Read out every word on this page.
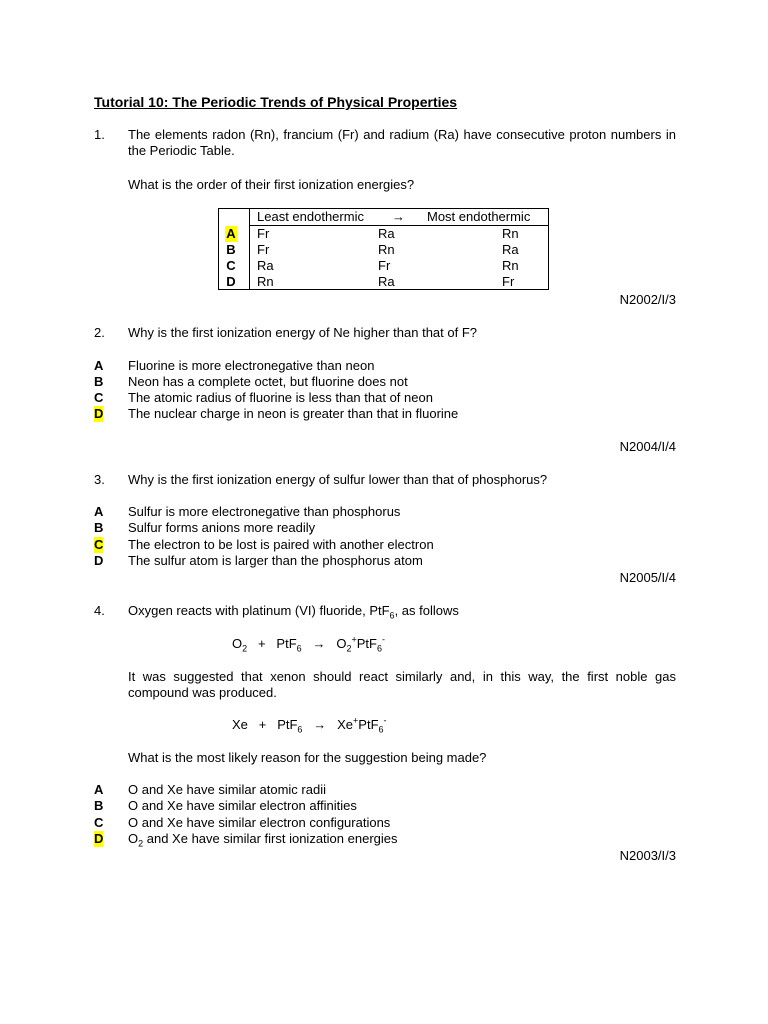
Tutorial 10: The Periodic Trends of Physical Properties
1. The elements radon (Rn), francium (Fr) and radium (Ra) have consecutive proton numbers in the Periodic Table.
What is the order of their first ionization energies?
Least endothermic → Most endothermic
A Fr	Ra	Rn
B Fr	Rn	Ra
C Ra	Fr	Rn
D Rn	Ra	Fr
N2002/I/3
2. Why is the first ionization energy of Ne higher than that of F?
A Fluorine is more electronegative than neon
B Neon has a complete octet, but fluorine does not
C The atomic radius of fluorine is less than that of neon
D The nuclear charge in neon is greater than that in fluorine
N2004/I/4
3. Why is the first ionization energy of sulfur lower than that of phosphorus?
A Sulfur is more electronegative than phosphorus
B Sulfur forms anions more readily
C The electron to be lost is paired with another electron
D The sulfur atom is larger than the phosphorus atom
N2005/I/4
4. Oxygen reacts with platinum (VI) fluoride, PtF$_6$, as follows
$O_2 + PtF_6 \to O_2^+PtF_6^-$
It was suggested that xenon should react similarly and, in this way, the first noble gas compound was produced.
Xe + PtF$_6$ → Xe+PtF$_6$-
What is the most likely reason for the suggestion being made?
A O and Xe have similar atomic radii
B O and Xe have similar electron affinities
C O and Xe have similar electron configurations
D $O_2$ and Xe have similar first ionization energies
N2003/I/3
